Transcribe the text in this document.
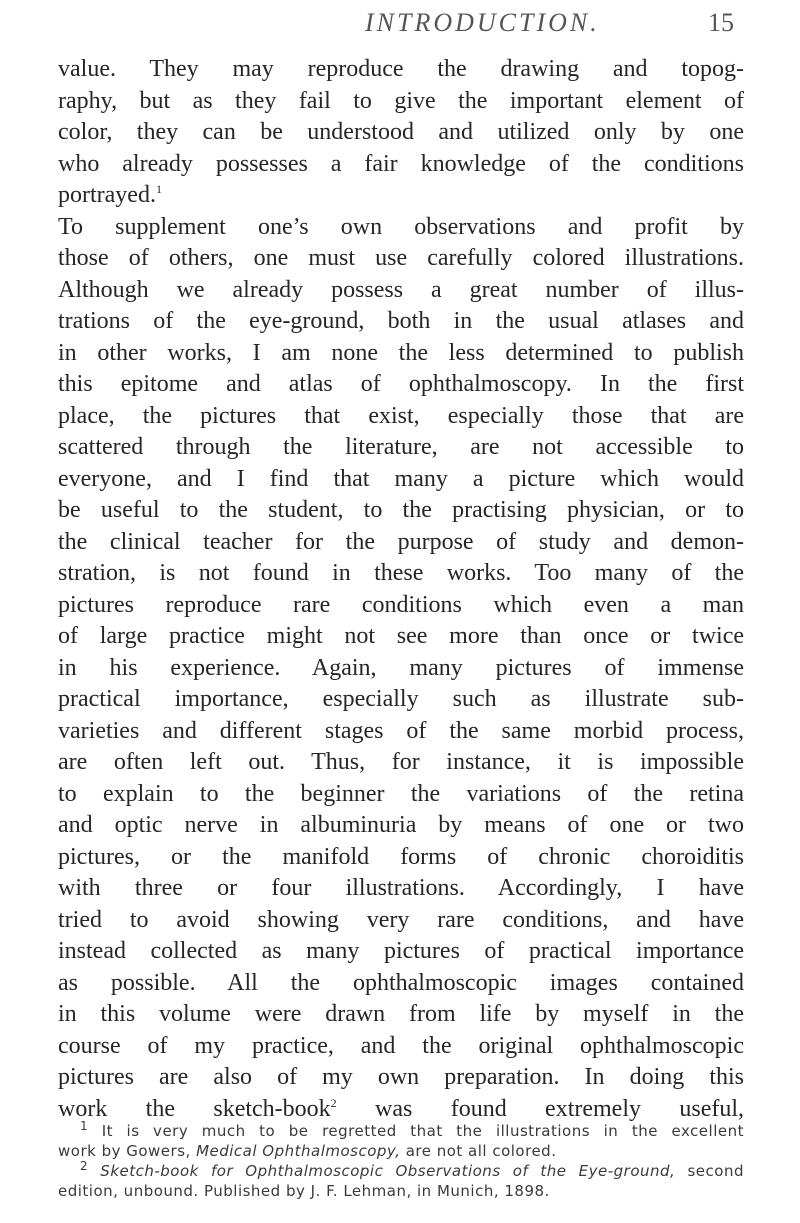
INTRODUCTION.	15
value. They may reproduce the drawing and topog-
raphy, but as they fail to give the important element of
color, they can be understood and utilized only by one
who already possesses a fair knowledge of the conditions
portrayed.$^1$
To supplement one’s own observations and profit by
those of others, one must use carefully colored illustrations.
Although we already possess a great number of illus-
trations of the eye-ground, both in the usual atlases and
in other works, I am none the less determined to publish
this epitome and atlas of ophthalmoscopy. In the first
place, the pictures that exist, especially those that are
scattered through the literature, are not accessible to
everyone, and I find that many a picture which would
be useful to the student, to the practising physician, or to
the clinical teacher for the purpose of study and demon-
stration, is not found in these works. Too many of the
pictures reproduce rare conditions which even a man
of large practice might not see more than once or twice
in his experience. Again, many pictures of immense
practical importance, especially such as illustrate sub-
varieties and different stages of the same morbid process,
are often left out. Thus, for instance, it is impossible
to explain to the beginner the variations of the retina
and optic nerve in albuminuria by means of one or two
pictures, or the manifold forms of chronic choroiditis
with three or four illustrations. Accordingly, I have
tried to avoid showing very rare conditions, and have
instead collected as many pictures of practical importance
as possible. All the ophthalmoscopic images contained
in this volume were drawn from life by myself in the
course of my practice, and the original ophthalmoscopic
pictures are also of my own preparation. In doing this
work the sketch-book$^2$ was found extremely useful,
$^1$ It is very much to be regretted that the illustrations in the excellent
work by Gowers, Medical Ophthalmoscopy, are not all colored.
$^2$ Sketch-book for Ophthalmoscopic Observations of the Eye-ground, second
edition, unbound. Published by J. F. Lehman, in Munich, 1898.
